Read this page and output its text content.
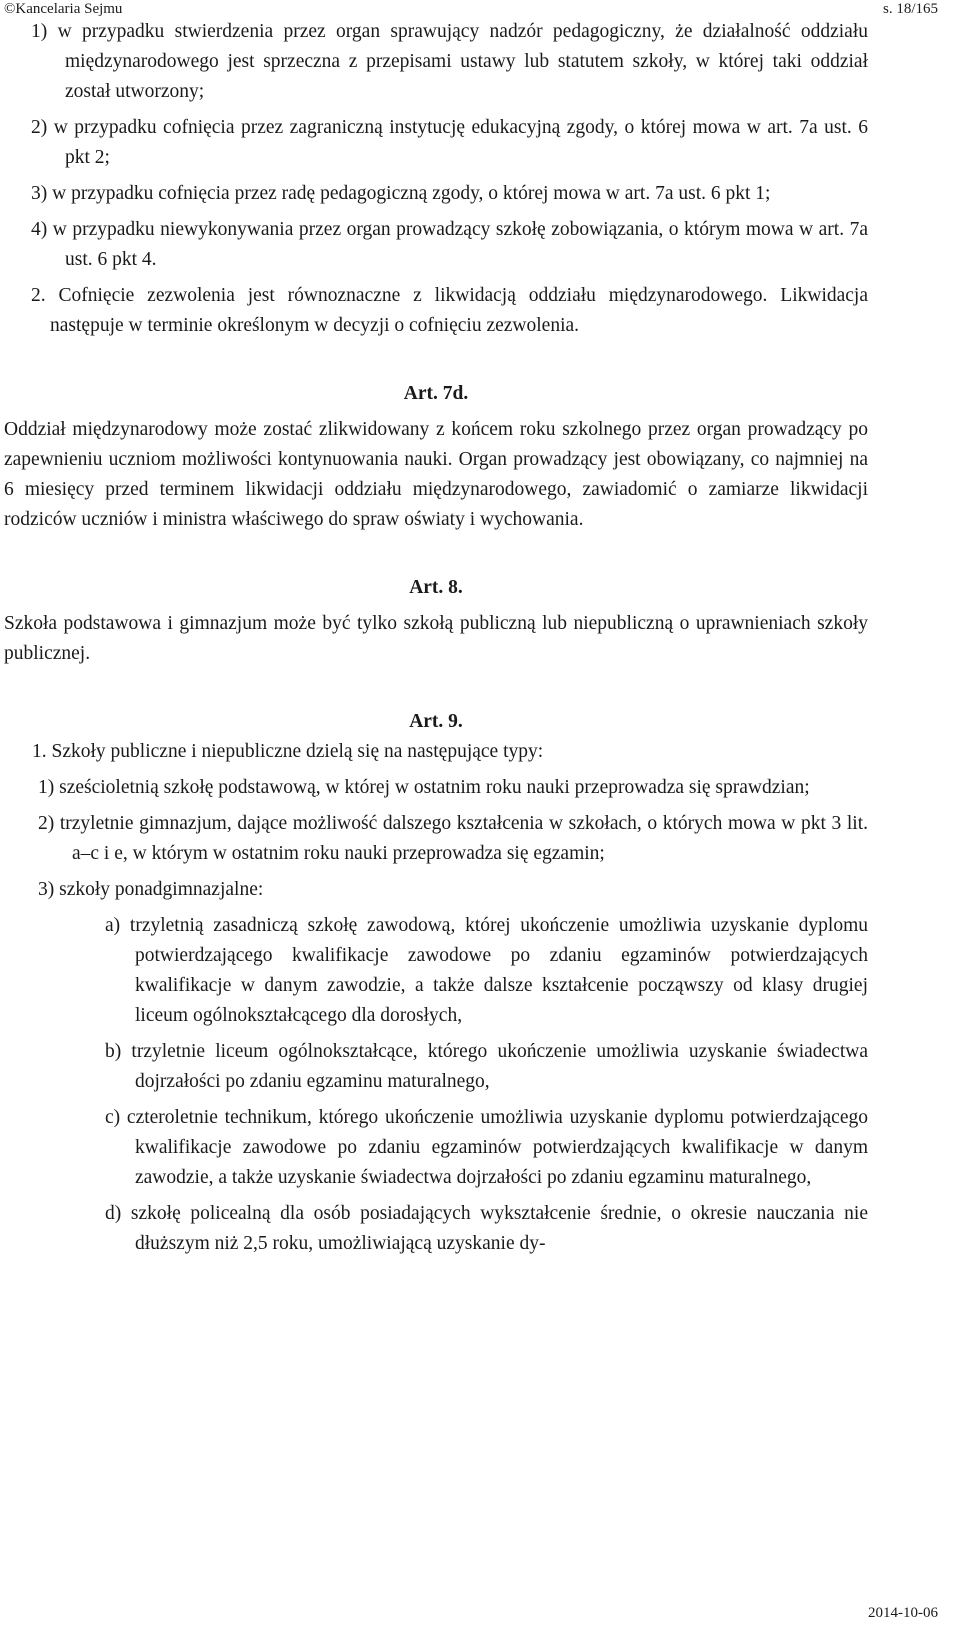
©Kancelaria Sejmu	s. 18/165
1) w przypadku stwierdzenia przez organ sprawujący nadzór pedagogiczny, że działalność oddziału międzynarodowego jest sprzeczna z przepisami ustawy lub statutem szkoły, w której taki oddział został utworzony;
2) w przypadku cofnięcia przez zagraniczną instytucję edukacyjną zgody, o której mowa w art. 7a ust. 6 pkt 2;
3) w przypadku cofnięcia przez radę pedagogiczną zgody, o której mowa w art. 7a ust. 6 pkt 1;
4) w przypadku niewykonywania przez organ prowadzący szkołę zobowiązania, o którym mowa w art. 7a ust. 6 pkt 4.
2. Cofnięcie zezwolenia jest równoznaczne z likwidacją oddziału międzynarodowego. Likwidacja następuje w terminie określonym w decyzji o cofnięciu zezwolenia.
Art. 7d.
Oddział międzynarodowy może zostać zlikwidowany z końcem roku szkolnego przez organ prowadzący po zapewnieniu uczniom możliwości kontynuowania nauki. Organ prowadzący jest obowiązany, co najmniej na 6 miesięcy przed terminem likwidacji oddziału międzynarodowego, zawiadomić o zamiarze likwidacji rodziców uczniów i ministra właściwego do spraw oświaty i wychowania.
Art. 8.
Szkoła podstawowa i gimnazjum może być tylko szkołą publiczną lub niepubliczną o uprawnieniach szkoły publicznej.
Art. 9.
1. Szkoły publiczne i niepubliczne dzielą się na następujące typy:
1) sześcioletnią szkołę podstawową, w której w ostatnim roku nauki przeprowadza się sprawdzian;
2) trzyletnie gimnazjum, dające możliwość dalszego kształcenia w szkołach, o których mowa w pkt 3 lit. a–c i e, w którym w ostatnim roku nauki przeprowadza się egzamin;
3) szkoły ponadgimnazjalne:
a) trzyletnią zasadniczą szkołę zawodową, której ukończenie umożliwia uzyskanie dyplomu potwierdzającego kwalifikacje zawodowe po zdaniu egzaminów potwierdzających kwalifikacje w danym zawodzie, a także dalsze kształcenie począwszy od klasy drugiej liceum ogólnokształcącego dla dorosłych,
b) trzyletnie liceum ogólnokształcące, którego ukończenie umożliwia uzyskanie świadectwa dojrzałości po zdaniu egzaminu maturalnego,
c) czteroletnie technikum, którego ukończenie umożliwia uzyskanie dyplomu potwierdzającego kwalifikacje zawodowe po zdaniu egzaminów potwierdzających kwalifikacje w danym zawodzie, a także uzyskanie świadectwa dojrzałości po zdaniu egzaminu maturalnego,
d) szkołę policealną dla osób posiadających wykształcenie średnie, o okresie nauczania nie dłuższym niż 2,5 roku, umożliwiającą uzyskanie dy-
2014-10-06
